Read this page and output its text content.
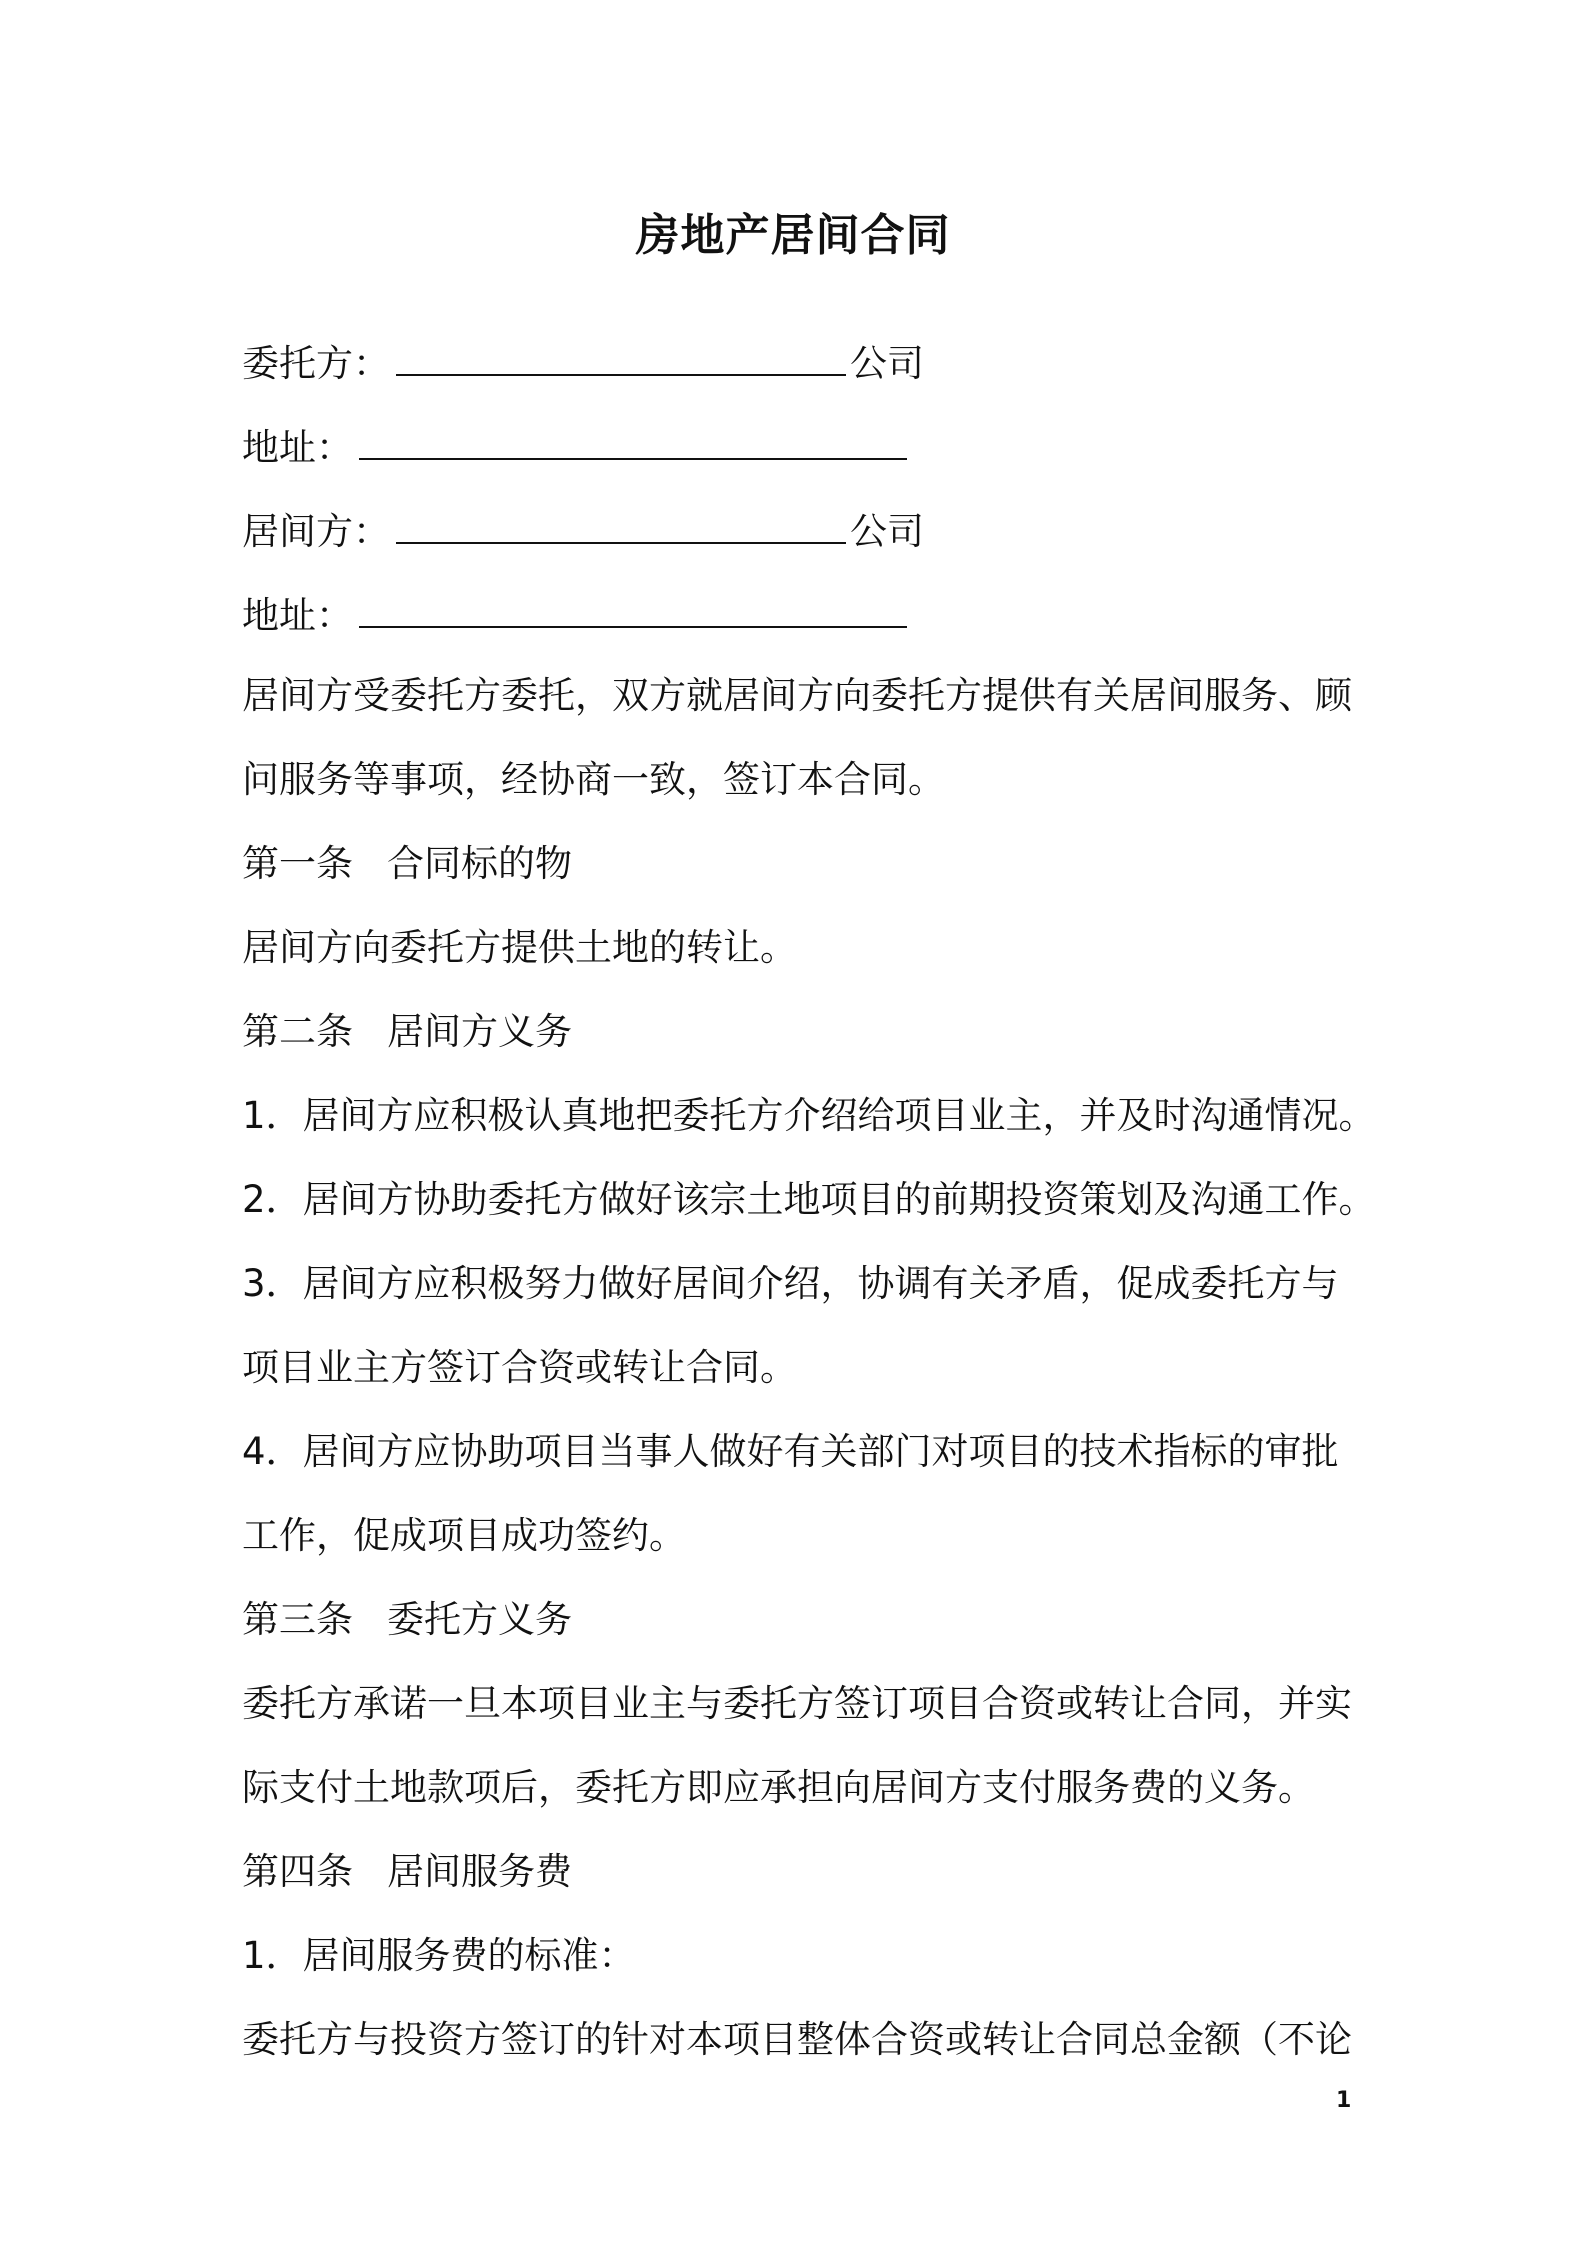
房地产居间合同
委托方：	公司
地址：
居间方：	公司
地址：
居间方受委托方委托，双方就居间方向委托方提供有关居间服务、顾
问服务等事项，经协商一致，签订本合同。
第一条 合同标的物
居间方向委托方提供土地的转让。
第二条 居间方义务
1．居间方应积极认真地把委托方介绍给项目业主，并及时沟通情况。
2．居间方协助委托方做好该宗土地项目的前期投资策划及沟通工作。
3．居间方应积极努力做好居间介绍，协调有关矛盾，促成委托方与
项目业主方签订合资或转让合同。
4．居间方应协助项目当事人做好有关部门对项目的技术指标的审批
工作，促成项目成功签约。
第三条 委托方义务
委托方承诺一旦本项目业主与委托方签订项目合资或转让合同，并实
际支付土地款项后，委托方即应承担向居间方支付服务费的义务。
第四条 居间服务费
1．居间服务费的标准：
委托方与投资方签订的针对本项目整体合资或转让合同总金额（不论
1
